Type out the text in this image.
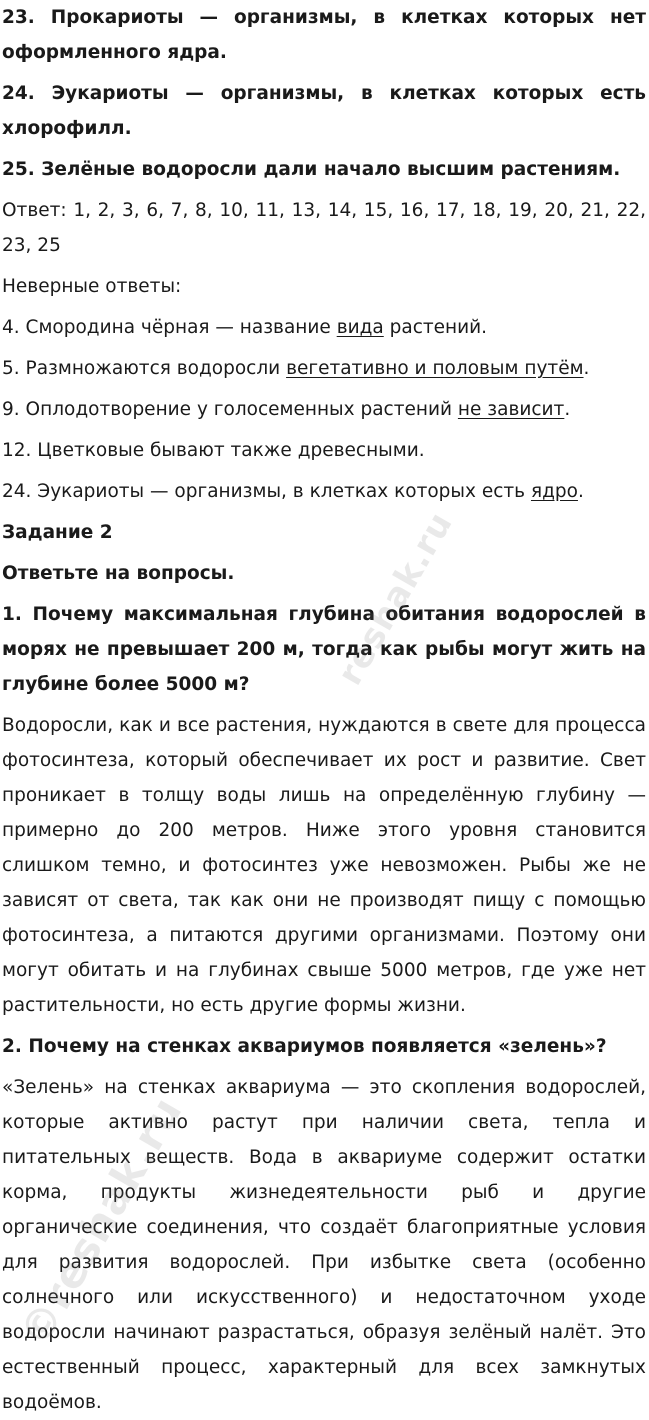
23. Прокариоты — организмы, в клетках которых нет оформленного ядра.

24. Эукариоты — организмы, в клетках которых есть хлорофилл.

25. Зелёные водоросли дали начало высшим растениям.

Ответ: 1, 2, 3, 6, 7, 8, 10, 11, 13, 14, 15, 16, 17, 18, 19, 20, 21, 22, 23, 25

Неверные ответы:

4. Смородина чёрная — название вида растений.

5. Размножаются водоросли вегетативно и половым путём.

9. Оплодотворение у голосеменных растений не зависит.

12. Цветковые бывают также древесными.

24. Эукариоты — организмы, в клетках которых есть ядро.

Задание 2

Ответьте на вопросы.

1. Почему максимальная глубина обитания водорослей в морях не превышает 200 м, тогда как рыбы могут жить на глубине более 5000 м?

Водоросли, как и все растения, нуждаются в свете для процесса фотосинтеза, который обеспечивает их рост и развитие. Свет проникает в толщу воды лишь на определённую глубину — примерно до 200 метров. Ниже этого уровня становится слишком темно, и фотосинтез уже невозможен. Рыбы же не зависят от света, так как они не производят пищу с помощью фотосинтеза, а питаются другими организмами. Поэтому они могут обитать и на глубинах свыше 5000 метров, где уже нет растительности, но есть другие формы жизни.

2. Почему на стенках аквариумов появляется «зелень»?

«Зелень» на стенках аквариума — это скопления водорослей, которые активно растут при наличии света, тепла и питательных веществ. Вода в аквариуме содержит остатки корма, продукты жизнедеятельности рыб и другие органические соединения, что создаёт благоприятные условия для развития водорослей. При избытке света (особенно солнечного или искусственного) и недостаточном уходе водоросли начинают разрастаться, образуя зелёный налёт. Это естественный процесс, характерный для всех замкнутых водоёмов.

reshak.ru
©reshak.ru
